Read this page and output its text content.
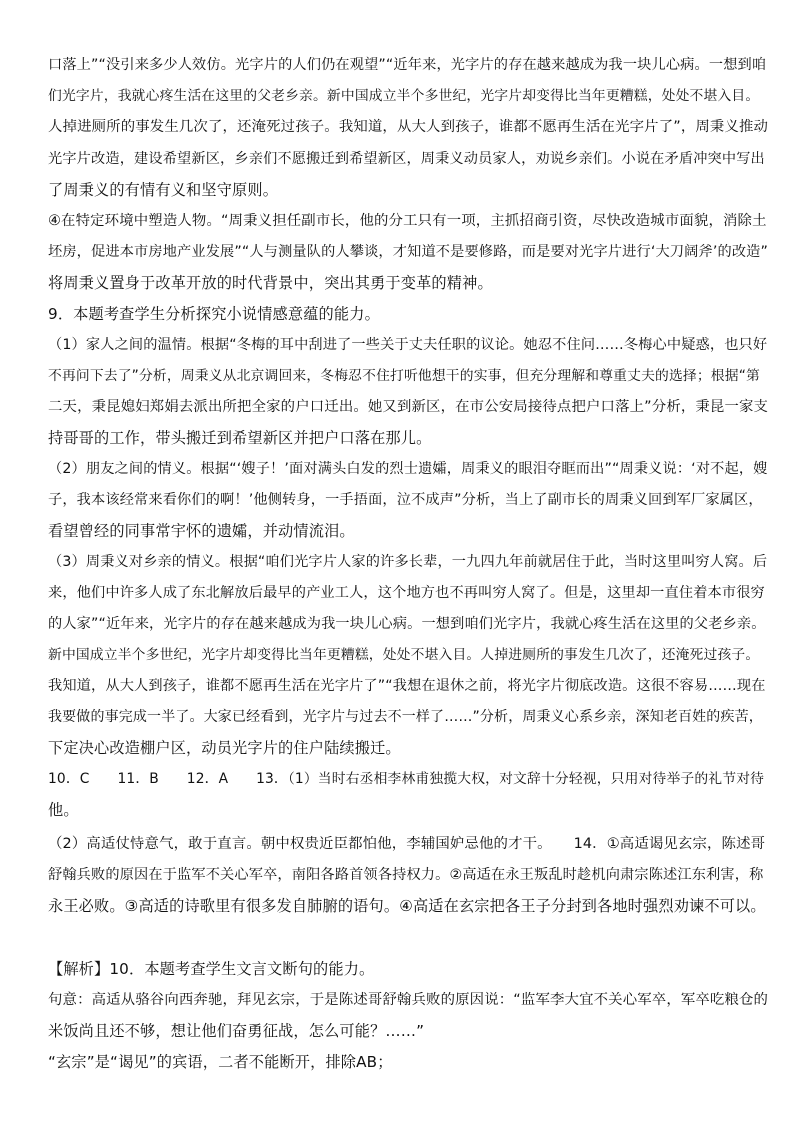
口落上”“没引来多少人效仿。光字片的人们仍在观望”“近年来，光字片的存在越来越成为我一块儿心病。一想到咱
们光字片，我就心疼生活在这里的父老乡亲。新中国成立半个多世纪，光字片却变得比当年更糟糕，处处不堪入目。
人掉进厕所的事发生几次了，还淹死过孩子。我知道，从大人到孩子，谁都不愿再生活在光字片了”，周秉义推动
光字片改造，建设希望新区，乡亲们不愿搬迁到希望新区，周秉义动员家人，劝说乡亲们。小说在矛盾冲突中写出
了周秉义的有情有义和坚守原则。
④在特定环境中塑造人物。“周秉义担任副市长，他的分工只有一项，主抓招商引资，尽快改造城市面貌，消除土
坯房，促进本市房地产业发展”“人与测量队的人攀谈，才知道不是要修路，而是要对光字片进行‘大刀阔斧’的改造”
将周秉义置身于改革开放的时代背景中，突出其勇于变革的精神。
9．本题考查学生分析探究小说情感意蕴的能力。
（1）家人之间的温情。根据“冬梅的耳中刮进了一些关于丈夫任职的议论。她忍不住问……冬梅心中疑惑，也只好
不再问下去了”分析，周秉义从北京调回来，冬梅忍不住打听他想干的实事，但充分理解和尊重丈夫的选择；根据“第
二天，秉昆媳妇郑娟去派出所把全家的户口迁出。她又到新区，在市公安局接待点把户口落上”分析，秉昆一家支
持哥哥的工作，带头搬迁到希望新区并把户口落在那儿。
（2）朋友之间的情义。根据“‘嫂子！’面对满头白发的烈士遗孀，周秉义的眼泪夺眶而出”“周秉义说：‘对不起，嫂
子，我本该经常来看你们的啊！’他侧转身，一手捂面，泣不成声”分析，当上了副市长的周秉义回到军厂家属区，
看望曾经的同事常宇怀的遗孀，并动情流泪。
（3）周秉义对乡亲的情义。根据“咱们光字片人家的许多长辈，一九四九年前就居住于此，当时这里叫穷人窝。后
来，他们中许多人成了东北解放后最早的产业工人，这个地方也不再叫穷人窝了。但是，这里却一直住着本市很穷
的人家”“近年来，光字片的存在越来越成为我一块儿心病。一想到咱们光字片，我就心疼生活在这里的父老乡亲。
新中国成立半个多世纪，光字片却变得比当年更糟糕，处处不堪入目。人掉进厕所的事发生几次了，还淹死过孩子。
我知道，从大人到孩子，谁都不愿再生活在光字片了”“我想在退休之前，将光字片彻底改造。这很不容易……现在
我要做的事完成一半了。大家已经看到，光字片与过去不一样了……”分析，周秉义心系乡亲，深知老百姓的疾苦，
下定决心改造棚户区，动员光字片的住户陆续搬迁。
10．C　　11．B　　12．A　　13．（1）当时右丞相李林甫独揽大权，对文辞十分轻视，只用对待举子的礼节对待
他。
（2）高适仗恃意气，敢于直言。朝中权贵近臣都怕他，李辅国妒忌他的才干。　　14．①高适谒见玄宗，陈述哥
舒翰兵败的原因在于监军不关心军卒，南阳各路首领各持权力。②高适在永王叛乱时趁机向肃宗陈述江东利害，称
永王必败。③高适的诗歌里有很多发自肺腑的语句。④高适在玄宗把各王子分封到各地时强烈劝谏不可以。
【解析】10．本题考查学生文言文断句的能力。
句意：高适从骆谷向西奔驰，拜见玄宗，于是陈述哥舒翰兵败的原因说：“监军李大宜不关心军卒，军卒吃粮仓的
米饭尚且还不够，想让他们奋勇征战，怎么可能？……”
“玄宗”是“谒见”的宾语，二者不能断开，排除AB；
